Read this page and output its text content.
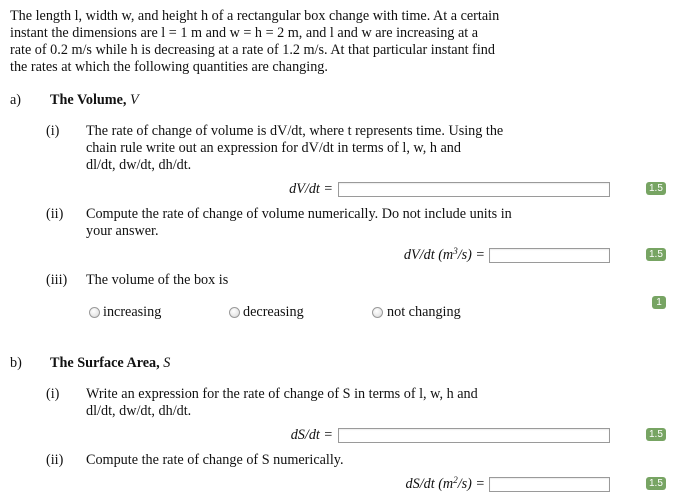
The length l, width w, and height h of a rectangular box change with time. At a certain
instant the dimensions are l = 1 m and w = h = 2 m, and l and w are increasing at a
rate of 0.2 m/s while h is decreasing at a rate of 1.2 m/s. At that particular instant find
the rates at which the following quantities are changing.
a) The Volume, V
(i) The rate of change of volume is dV/dt, where t represents time. Using the
chain rule write out an expression for dV/dt in terms of l, w, h and
dl/dt, dw/dt, dh/dt.
dV/dt =	1.5
(ii) Compute the rate of change of volume numerically. Do not include units in
your answer.
dV/dt $(m^3/s)$ =	1.5
(iii) The volume of the box is
1
increasing	decreasing	not changing
b) The Surface Area, S
(i) Write an expression for the rate of change of S in terms of l, w, h and
dl/dt, dw/dt, dh/dt.
dS/dt =	1.5
(ii) Compute the rate of change of S numerically.
dS/dt $(m^2/s)$ =	1.5
